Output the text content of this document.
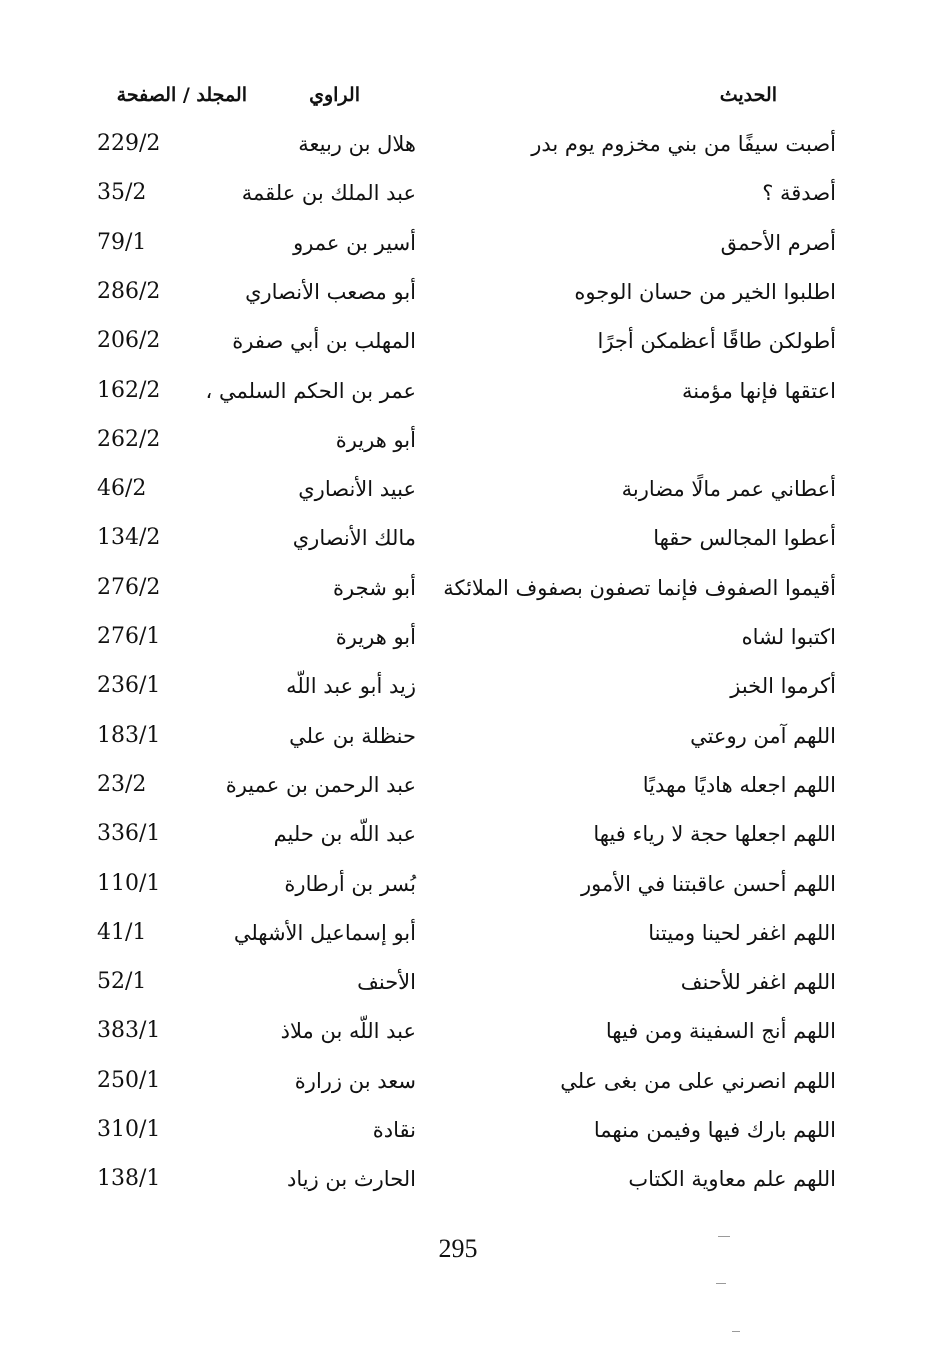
الحديث
الراوي
المجلد / الصفحة
أصبت سيفًا من بني مخزوم يوم بدر
هلال بن ربيعة
229/2
أصدقة ؟
عبد الملك بن علقمة
35/2
أصرم الأحمق
أسير بن عمرو
79/1
اطلبوا الخير من حسان الوجوه
أبو مصعب الأنصاري
286/2
أطولكن طاقًا أعظمكن أجرًا
المهلب بن أبي صفرة
206/2
اعتقها فإنها مؤمنة
عمر بن الحكم السلمي ،
162/2
أبو هريرة
262/2
أعطاني عمر مالًا مضاربة
عبيد الأنصاري
46/2
أعطوا المجالس حقها
مالك الأنصاري
134/2
أقيموا الصفوف فإنما تصفون بصفوف الملائكة
أبو شجرة
276/2
اكتبوا لشاه
أبو هريرة
276/1
أكرموا الخبز
زيد أبو عبد اللّه
236/1
اللهم آمن روعتي
حنظلة بن علي
183/1
اللهم اجعله هاديًا مهديًا
عبد الرحمن بن عميرة
23/2
اللهم اجعلها حجة لا رياء فيها
عبد اللّه بن حليم
336/1
اللهم أحسن عاقبتنا في الأمور
بُسر بن أرطارة
110/1
اللهم اغفر لحينا وميتنا
أبو إسماعيل الأشهلي
41/1
اللهم اغفر للأحنف
الأحنف
52/1
اللهم أنج السفينة ومن فيها
عبد اللّه بن ملاذ
383/1
اللهم انصرني على من بغى علي
سعد بن زرارة
250/1
اللهم بارك فيها وفيمن منهما
نقادة
310/1
اللهم علم معاوية الكتاب
الحارث بن زياد
138/1
295
